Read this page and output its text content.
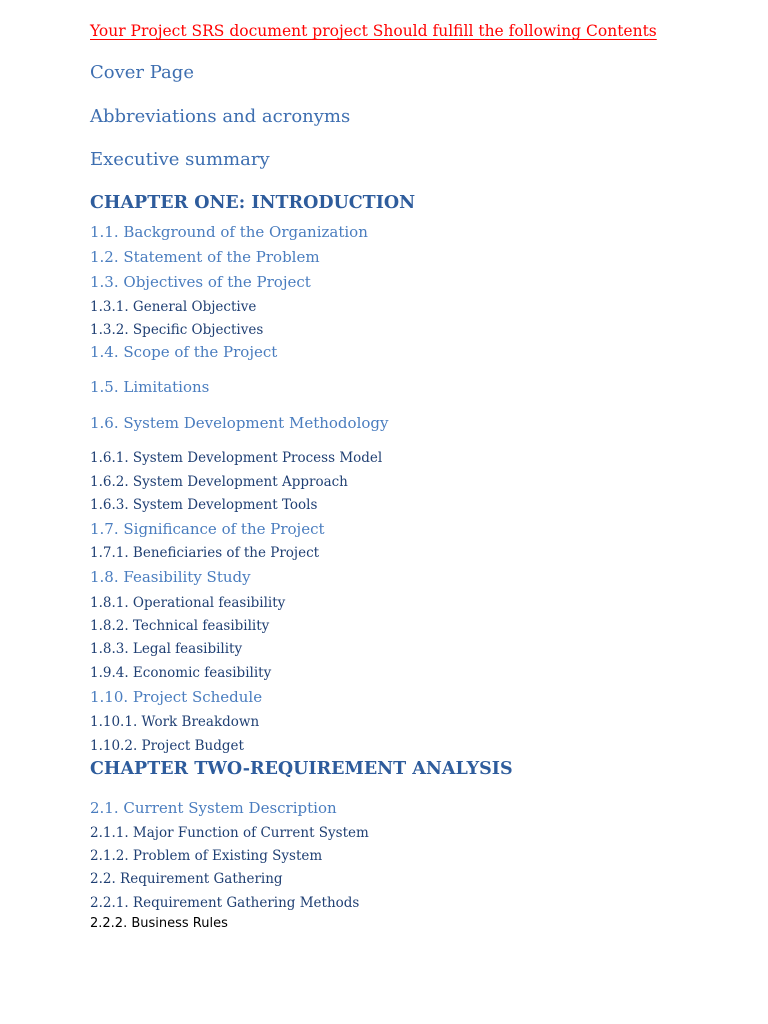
Your Project SRS document project Should fulfill the following Contents

Cover Page

Abbreviations and acronyms

Executive summary

CHAPTER ONE: INTRODUCTION

1.1. Background of the Organization

1.2. Statement of the Problem

1.3. Objectives of the Project

1.3.1. General Objective

1.3.2. Specific Objectives

1.4. Scope of the Project

1.5. Limitations

1.6. System Development Methodology

1.6.1. System Development Process Model

1.6.2. System Development Approach

1.6.3. System Development Tools

1.7. Significance of the Project

1.7.1. Beneficiaries of the Project

1.8. Feasibility Study

1.8.1. Operational feasibility

1.8.2. Technical feasibility

1.8.3. Legal feasibility

1.9.4. Economic feasibility

1.10. Project Schedule

1.10.1. Work Breakdown

1.10.2. Project Budget

CHAPTER TWO-REQUIREMENT ANALYSIS

2.1. Current System Description

2.1.1. Major Function of Current System

2.1.2. Problem of Existing System

2.2. Requirement Gathering

2.2.1. Requirement Gathering Methods

2.2.2. Business Rules
